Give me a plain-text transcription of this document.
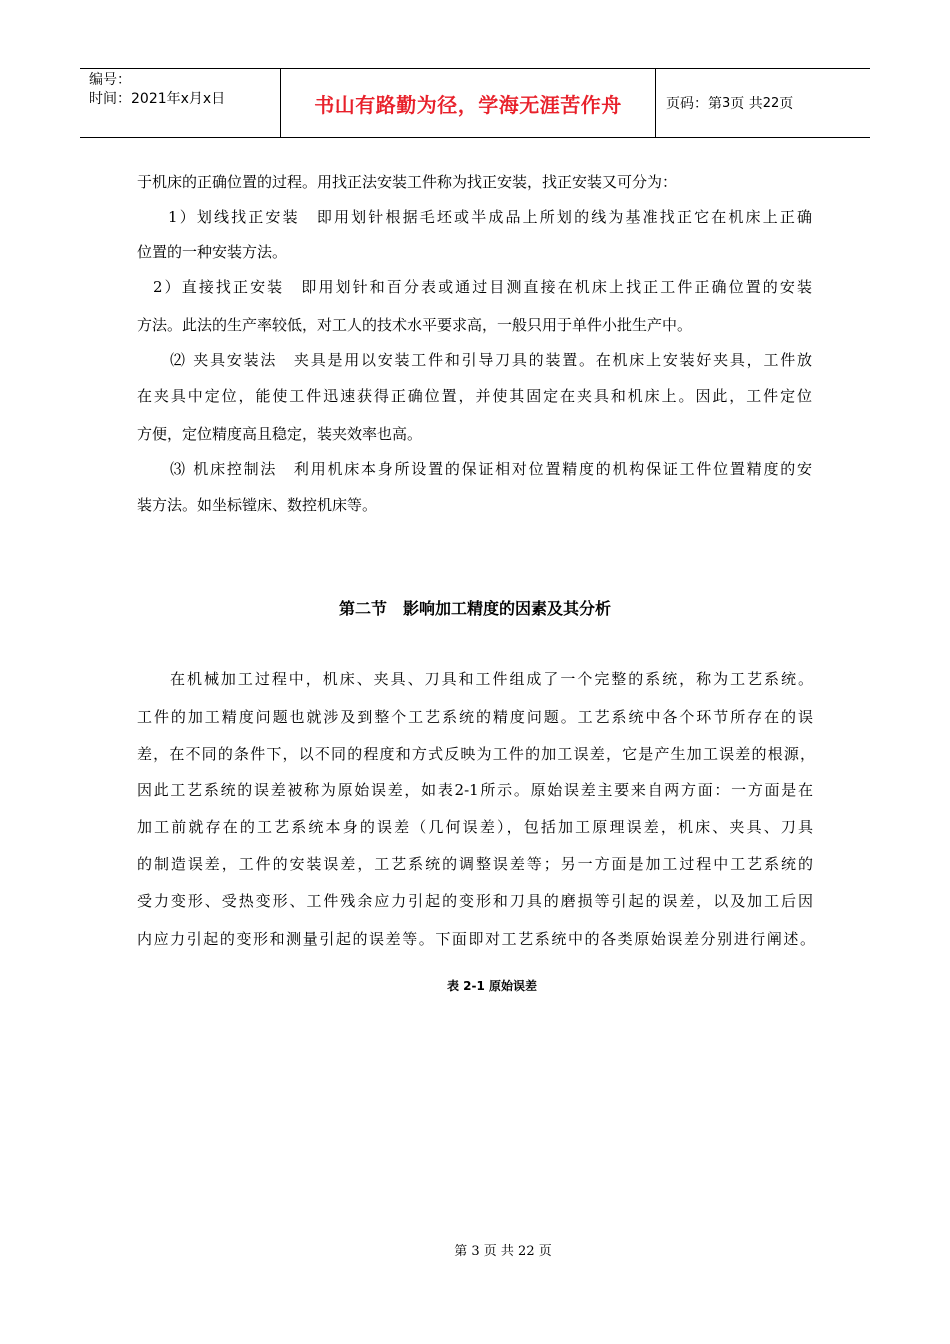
编号：
时间：2021年x月x日	书山有路勤为径，学海无涯苦作舟	页码：第 3 页 共 22 页
于机床的正确位置的过程。用找正法安装工件称为找正安装，找正安装又可分为：
1）划线找正安装　即用划针根据毛坯或半成品上所划的线为基准找正它在机床上正确
位置的一种安装方法。
2）直接找正安装　即用划针和百分表或通过目测直接在机床上找正工件正确位置的安装
方法。此法的生产率较低，对工人的技术水平要求高，一般只用于单件小批生产中。
⑵ 夹具安装法　夹具是用以安装工件和引导刀具的装置。在机床上安装好夹具，工件放
在夹具中定位，能使工件迅速获得正确位置，并使其固定在夹具和机床上。因此，工件定位
方便，定位精度高且稳定，装夹效率也高。
⑶ 机床控制法　利用机床本身所设置的保证相对位置精度的机构保证工件位置精度的安
装方法。如坐标镗床、数控机床等。
第二节　影响加工精度的因素及其分析
在机械加工过程中，机床、夹具、刀具和工件组成了一个完整的系统，称为工艺系统。
工件的加工精度问题也就涉及到整个工艺系统的精度问题。工艺系统中各个环节所存在的误
差，在不同的条件下，以不同的程度和方式反映为工件的加工误差，它是产生加工误差的根源，
因此工艺系统的误差被称为原始误差，如表2-1所示。原始误差主要来自两方面：一方面是在
加工前就存在的工艺系统本身的误差（几何误差），包括加工原理误差，机床、夹具、刀具
的制造误差，工件的安装误差，工艺系统的调整误差等；另一方面是加工过程中工艺系统的
受力变形、受热变形、工件残余应力引起的变形和刀具的磨损等引起的误差，以及加工后因
内应力引起的变形和测量引起的误差等。下面即对工艺系统中的各类原始误差分别进行阐述。
表 2-1 原始误差
第 3 页 共 22 页
